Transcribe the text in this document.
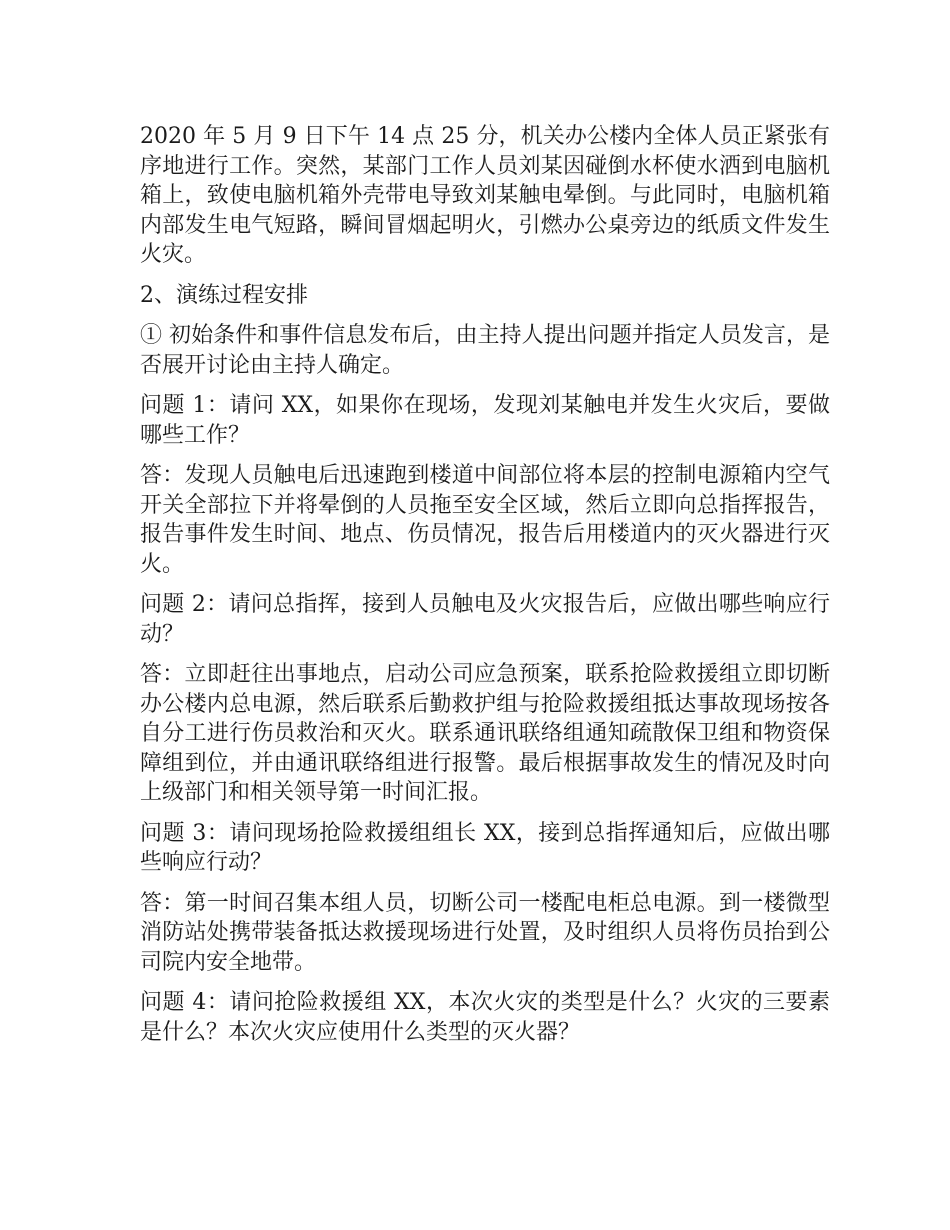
2020 年 5 月 9 日下午 14 点 25 分，机关办公楼内全体人员正紧张有序地进行工作。突然，某部门工作人员刘某因碰倒水杯使水洒到电脑机箱上，致使电脑机箱外壳带电导致刘某触电晕倒。与此同时，电脑机箱内部发生电气短路，瞬间冒烟起明火，引燃办公桌旁边的纸质文件发生火灾。

2、演练过程安排

① 初始条件和事件信息发布后，由主持人提出问题并指定人员发言，是否展开讨论由主持人确定。

问题 1：请问 XX，如果你在现场，发现刘某触电并发生火灾后，要做哪些工作？

答：发现人员触电后迅速跑到楼道中间部位将本层的控制电源箱内空气开关全部拉下并将晕倒的人员拖至安全区域，然后立即向总指挥报告，报告事件发生时间、地点、伤员情况，报告后用楼道内的灭火器进行灭火。

问题 2：请问总指挥，接到人员触电及火灾报告后，应做出哪些响应行动？

答：立即赶往出事地点，启动公司应急预案，联系抢险救援组立即切断办公楼内总电源，然后联系后勤救护组与抢险救援组抵达事故现场按各自分工进行伤员救治和灭火。联系通讯联络组通知疏散保卫组和物资保障组到位，并由通讯联络组进行报警。最后根据事故发生的情况及时向上级部门和相关领导第一时间汇报。

问题 3：请问现场抢险救援组组长 XX，接到总指挥通知后，应做出哪些响应行动？

答：第一时间召集本组人员，切断公司一楼配电柜总电源。到一楼微型消防站处携带装备抵达救援现场进行处置，及时组织人员将伤员抬到公司院内安全地带。

问题 4：请问抢险救援组 XX，本次火灾的类型是什么？火灾的三要素是什么？本次火灾应使用什么类型的灭火器？
